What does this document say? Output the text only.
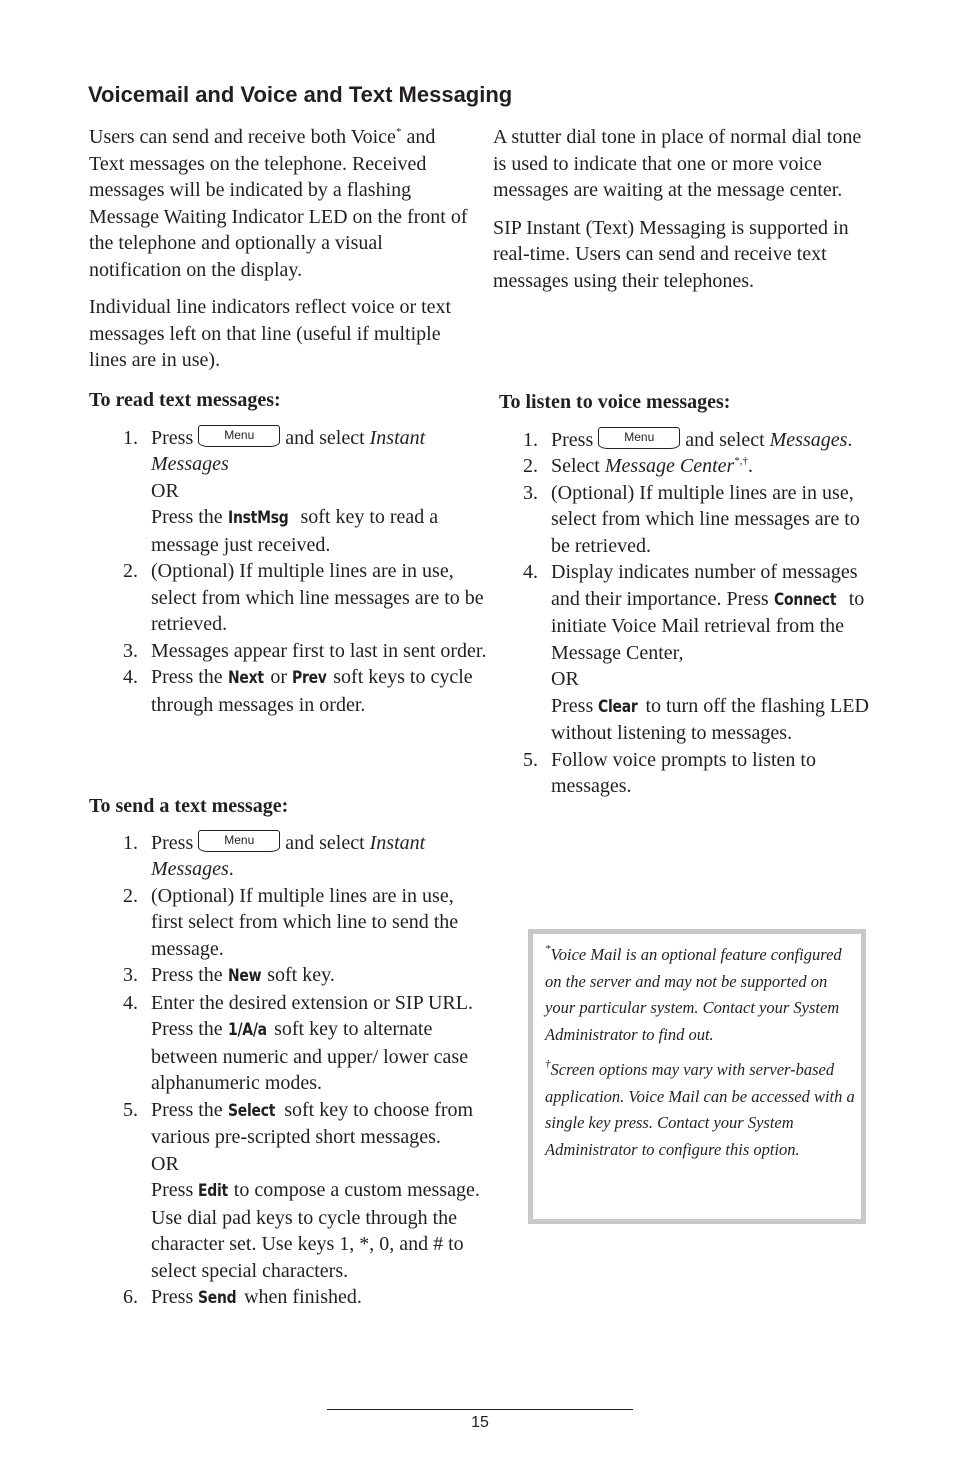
Voicemail and Voice and Text Messaging

Users can send and receive both Voice* and Text messages on the telephone. Received messages will be indicated by a flashing Message Waiting Indicator LED on the front of the telephone and optionally a visual notification on the display.

Individual line indicators reflect voice or text messages left on that line (useful if multiple lines are in use).

A stutter dial tone in place of normal dial tone is used to indicate that one or more voice messages are waiting at the message center.

SIP Instant (Text) Messaging is supported in real-time. Users can send and receive text messages using their telephones.

To read text messages:

1. Press	Menu	and select Instant Messages

OR

Press the InstMsg soft key to read a message just received.

2. (Optional) If multiple lines are in use, select from which line messages are to be retrieved.
3. Messages appear first to last in sent order.
4. Press the Next or Prev soft keys to cycle through messages in order.

To send a text message:

1. Press	Menu	and select Instant Messages.
2. (Optional) If multiple lines are in use, first select from which line to send the message.
3. Press the New soft key.
4. Enter the desired extension or SIP URL. Press the 1/A/a soft key to alternate between numeric and upper/ lower case alphanumeric modes.
5. Press the Select soft key to choose from various pre-scripted short messages.

OR

Press Edit to compose a custom message. Use dial pad keys to cycle through the character set. Use keys 1, *, 0, and # to select special characters.

6. Press Send when finished.

To listen to voice messages:

1. Press	Menu	and select Messages.
2. Select Message Center*,†.
3. (Optional) If multiple lines are in use, select from which line messages are to be retrieved.
4. Display indicates number of messages and their importance. Press Connect to initiate Voice Mail retrieval from the Message Center,

OR

Press Clear to turn off the flashing LED without listening to messages.

5. Follow voice prompts to listen to messages.

*Voice Mail is an optional feature configured on the server and may not be supported on your particular system. Contact your System Administrator to find out.

†Screen options may vary with server-based application. Voice Mail can be accessed with a single key press. Contact your System Administrator to configure this option.

15
